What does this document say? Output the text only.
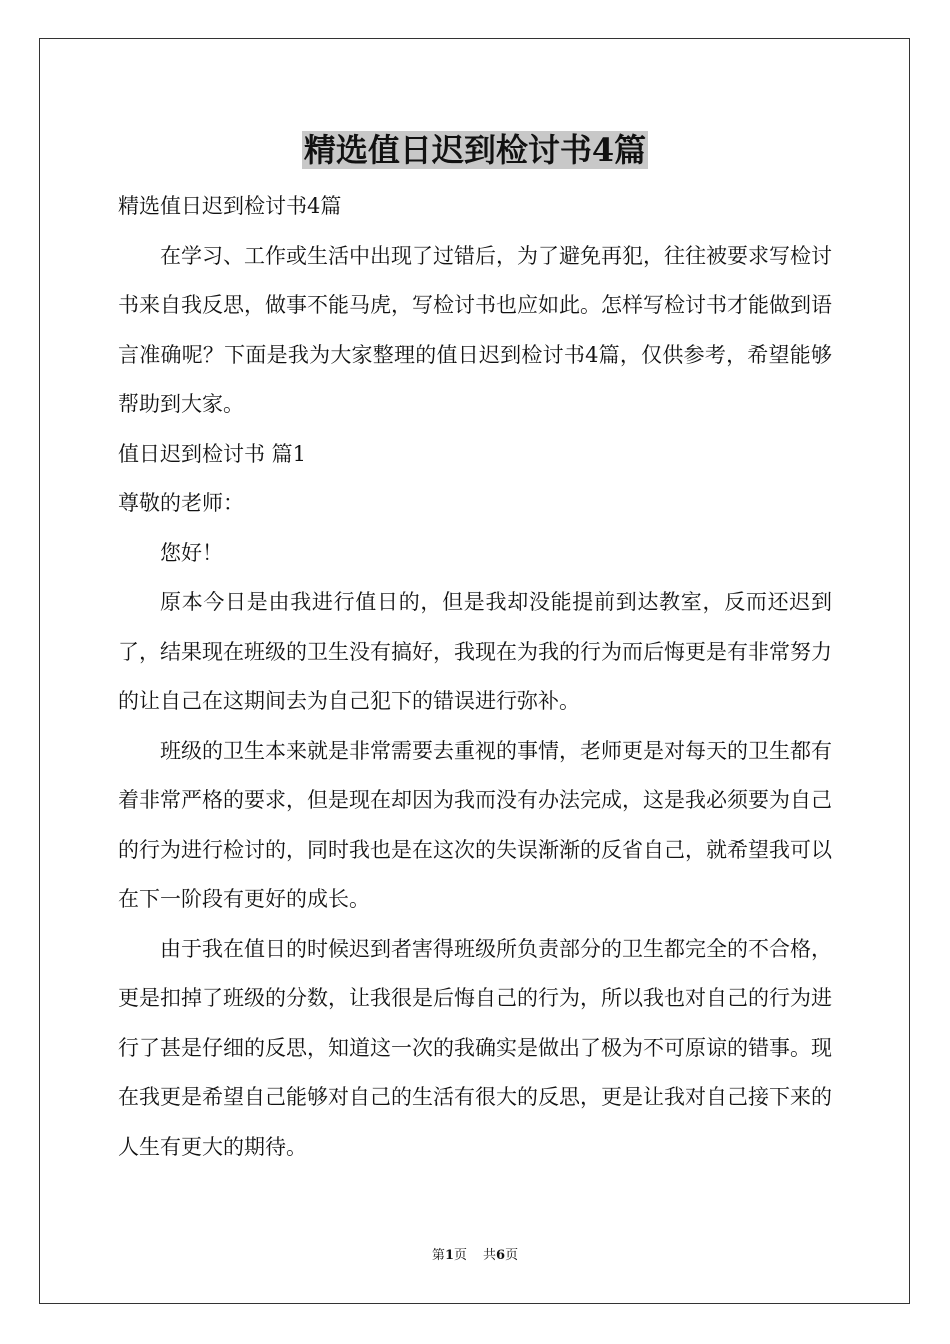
精选值日迟到检讨书4篇

精选值日迟到检讨书4篇

在学习、工作或生活中出现了过错后，为了避免再犯，往往被要求写检讨书来自我反思，做事不能马虎，写检讨书也应如此。怎样写检讨书才能做到语言准确呢？下面是我为大家整理的值日迟到检讨书4篇，仅供参考，希望能够帮助到大家。

值日迟到检讨书 篇1

尊敬的老师：

您好！

原本今日是由我进行值日的，但是我却没能提前到达教室，反而还迟到了，结果现在班级的卫生没有搞好，我现在为我的行为而后悔更是有非常努力的让自己在这期间去为自己犯下的错误进行弥补。

班级的卫生本来就是非常需要去重视的事情，老师更是对每天的卫生都有着非常严格的要求，但是现在却因为我而没有办法完成，这是我必须要为自己的行为进行检讨的，同时我也是在这次的失误渐渐的反省自己，就希望我可以在下一阶段有更好的成长。

由于我在值日的时候迟到者害得班级所负责部分的卫生都完全的不合格，更是扣掉了班级的分数，让我很是后悔自己的行为，所以我也对自己的行为进行了甚是仔细的反思，知道这一次的我确实是做出了极为不可原谅的错事。现在我更是希望自己能够对自己的生活有很大的反思，更是让我对自己接下来的人生有更大的期待。

第1页 共6页
